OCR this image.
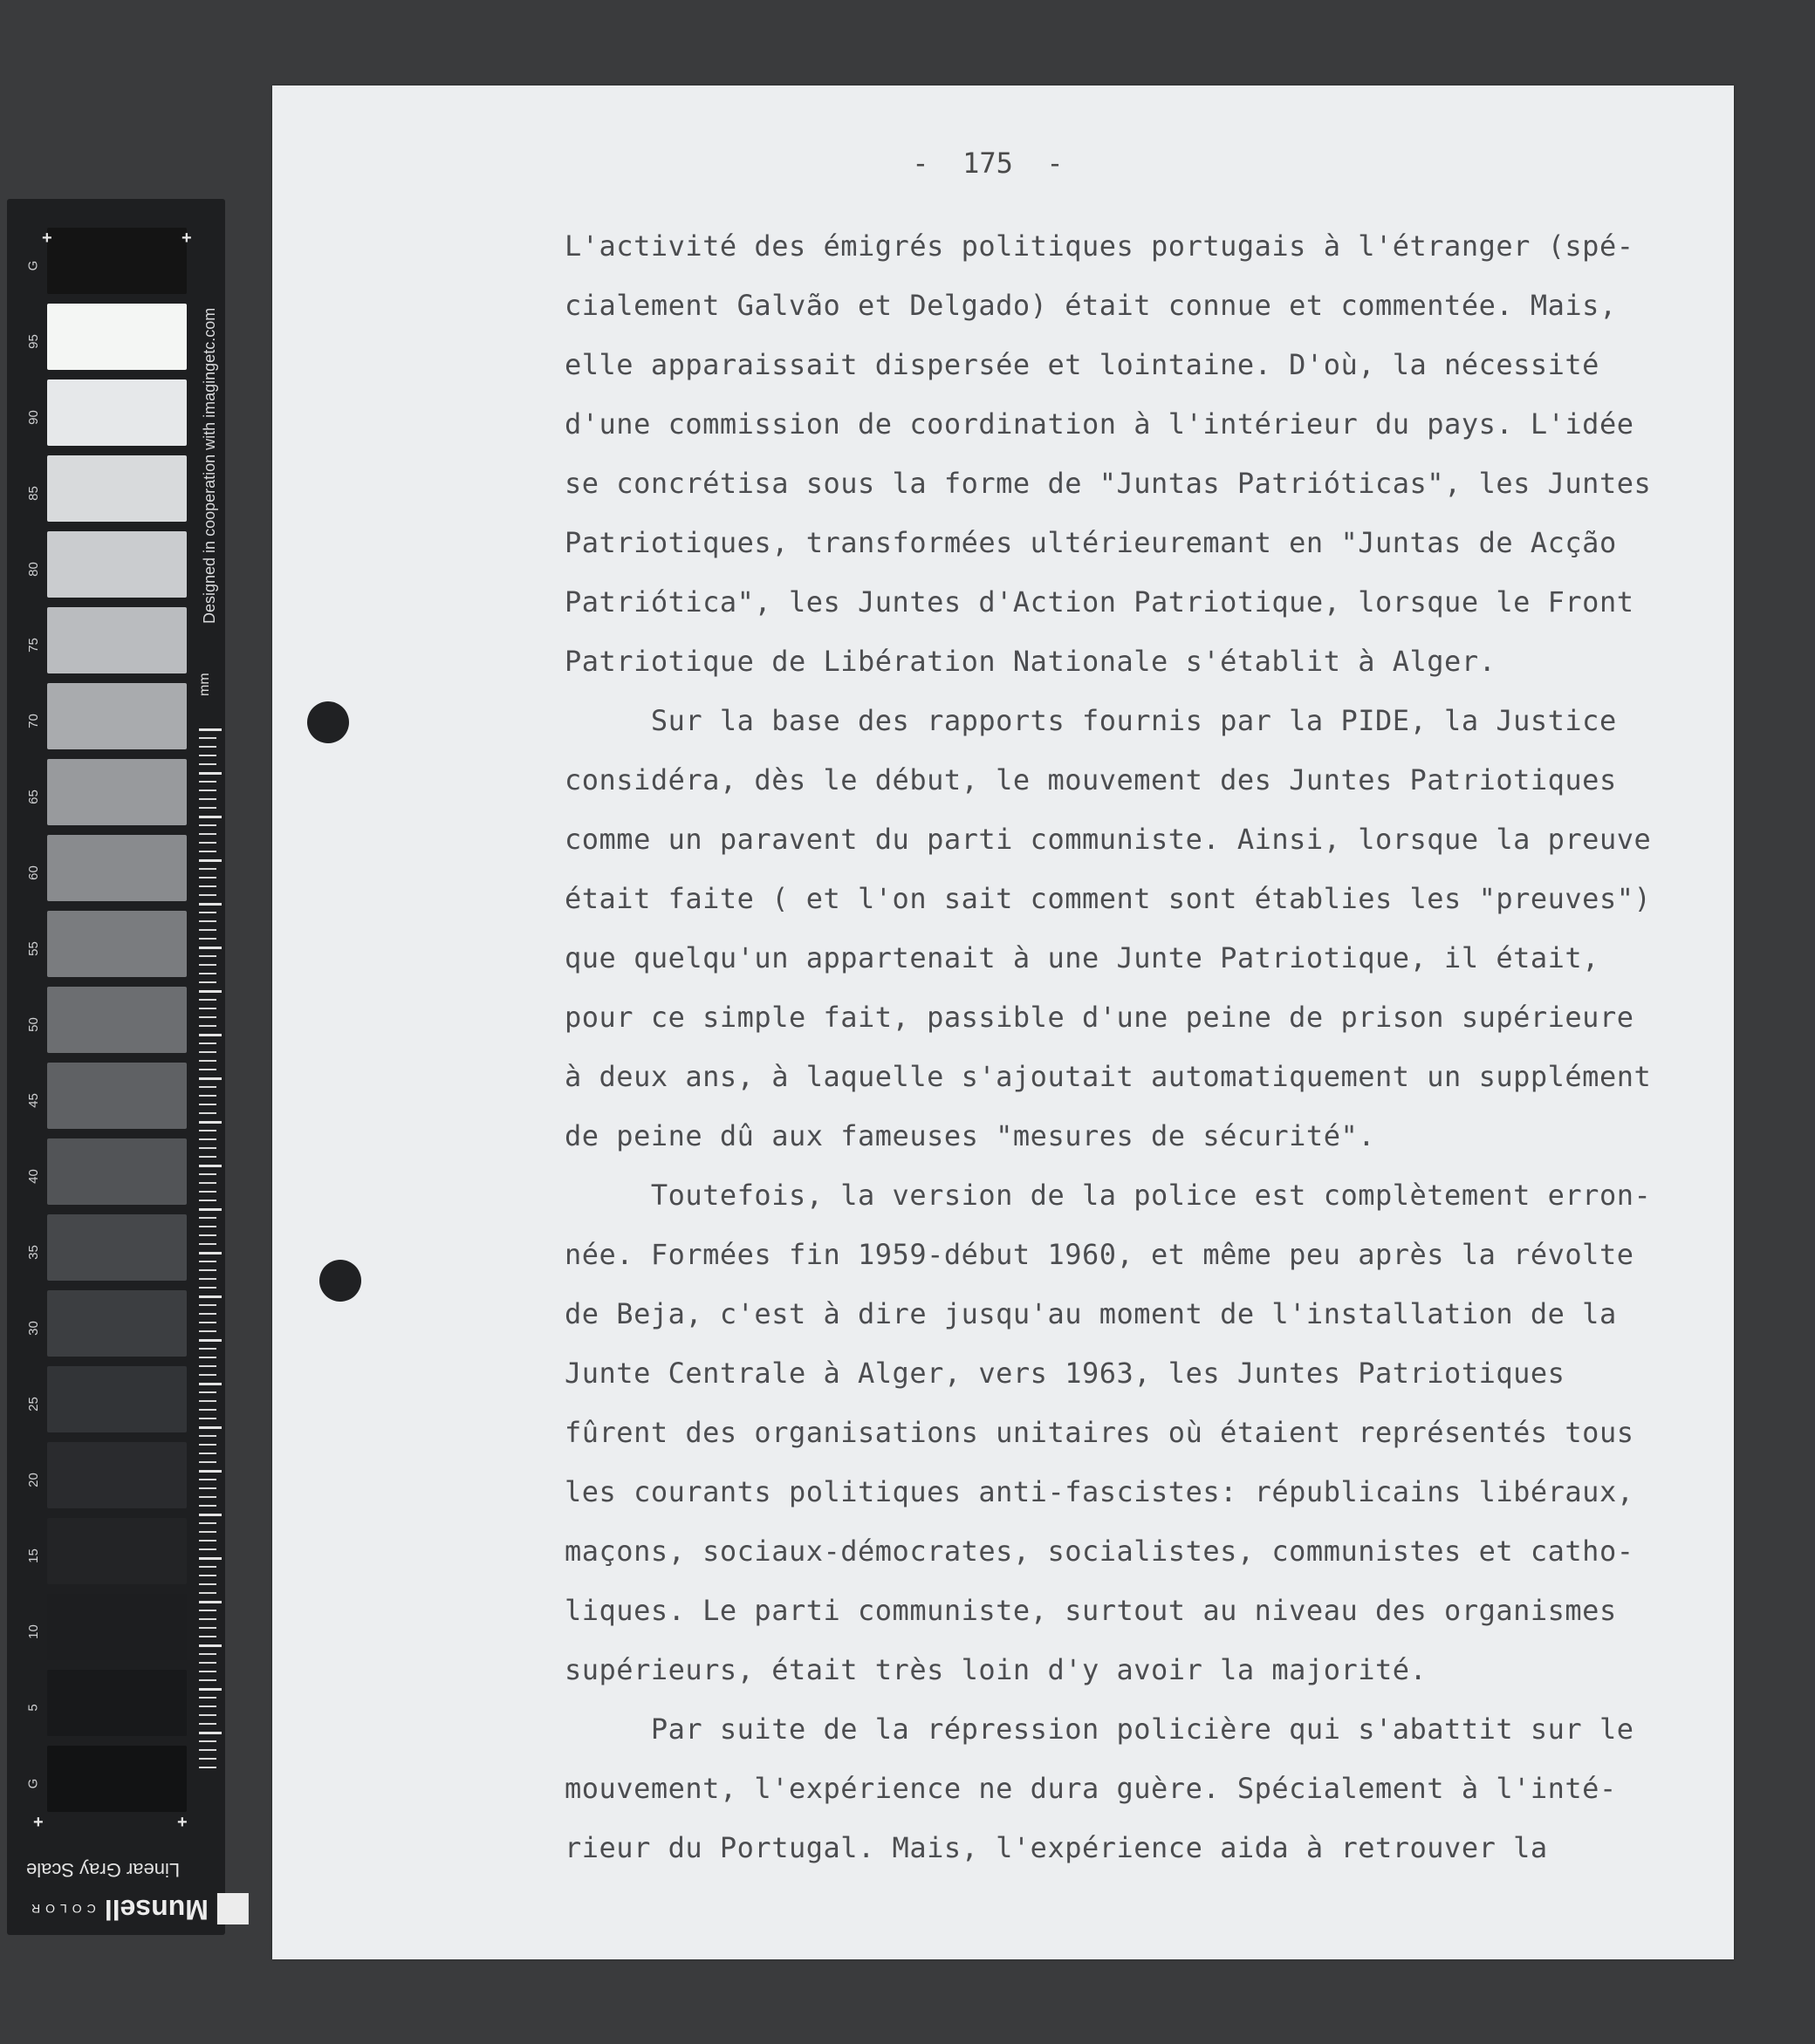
G
95
90
85
80
75
70
65
60
55
50
45
40
35
30
25
20
15
10
5
G
+	+
+	+
Designed in cooperation with imagingetc.com
mm
Linear Gray Scale
Munsell
COLOR
-  175  -
L'activité des émigrés politiques portugais à l'étranger (spé-
cialement Galvão et Delgado) était connue et commentée. Mais,
elle apparaissait dispersée et lointaine. D'où, la nécessité
d'une commission de coordination à l'intérieur du pays. L'idée
se concrétisa sous la forme de "Juntas Patrióticas", les Juntes
Patriotiques, transformées ultérieuremant en "Juntas de Acção
Patriótica", les Juntes d'Action Patriotique, lorsque le Front
Patriotique de Libération Nationale s'établit à Alger.
Sur la base des rapports fournis par la PIDE, la Justice
considéra, dès le début, le mouvement des Juntes Patriotiques
comme un paravent du parti communiste. Ainsi, lorsque la preuve
était faite ( et l'on sait comment sont établies les "preuves")
que quelqu'un appartenait à une Junte Patriotique, il était,
pour ce simple fait, passible d'une peine de prison supérieure
à deux ans, à laquelle s'ajoutait automatiquement un supplément
de peine dû aux fameuses "mesures de sécurité".
Toutefois, la version de la police est complètement erron-
née. Formées fin 1959-début 1960, et même peu après la révolte
de Beja, c'est à dire jusqu'au moment de l'installation de la
Junte Centrale à Alger, vers 1963, les Juntes Patriotiques
fûrent des organisations unitaires où étaient représentés tous
les courants politiques anti-fascistes: républicains libéraux,
maçons, sociaux-démocrates, socialistes, communistes et catho-
liques. Le parti communiste, surtout au niveau des organismes
supérieurs, était très loin d'y avoir la majorité.
Par suite de la répression policière qui s'abattit sur le
mouvement, l'expérience ne dura guère. Spécialement à l'inté-
rieur du Portugal. Mais, l'expérience aida à retrouver la
